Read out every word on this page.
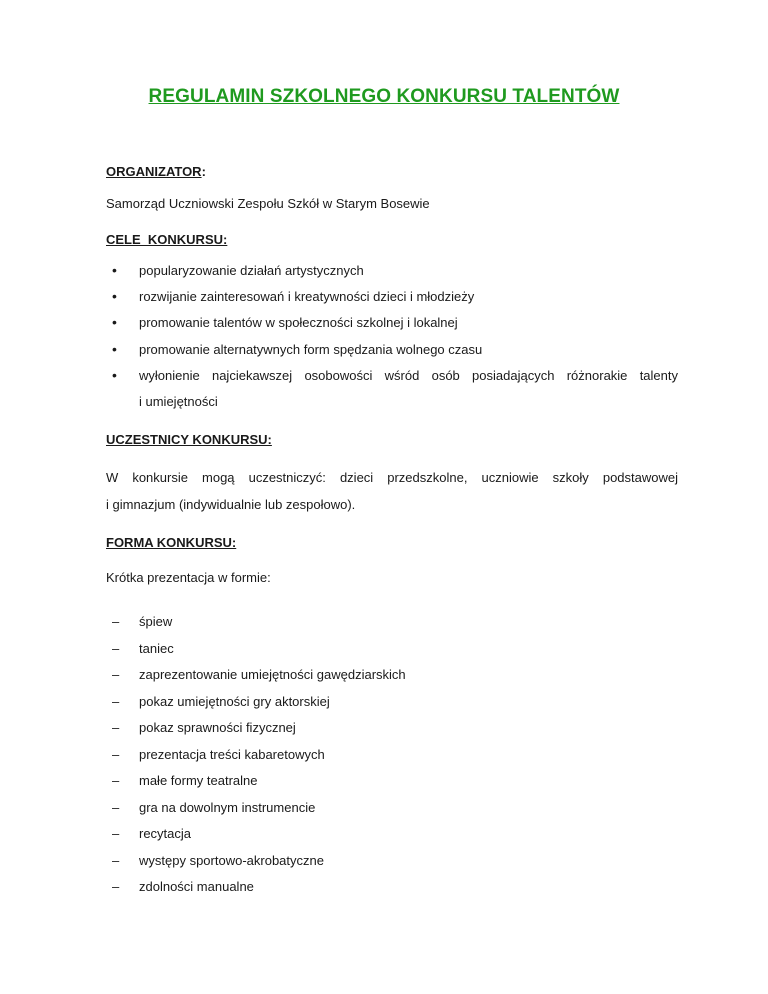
REGULAMIN SZKOLNEGO KONKURSU TALENTÓW
ORGANIZATOR:
Samorząd Uczniowski Zespołu Szkół w Starym Bosewie
CELE  KONKURSU:
•	popularyzowanie działań artystycznych
•	rozwijanie zainteresowań i kreatywności dzieci i młodzieży
•	promowanie talentów w społeczności szkolnej i lokalnej
•	promowanie alternatywnych form spędzania wolnego czasu
•	wyłonienie najciekawszej osobowości wśród osób posiadających różnorakie talenty
i umiejętności
UCZESTNICY KONKURSU:
W konkursie mogą uczestniczyć: dzieci przedszkolne, uczniowie szkoły podstawowej
i gimnazjum (indywidualnie lub zespołowo).
FORMA KONKURSU:
Krótka prezentacja w formie:
–	śpiew
–	taniec
–	zaprezentowanie umiejętności gawędziarskich
–	pokaz umiejętności gry aktorskiej
–	pokaz sprawności fizycznej
–	prezentacja treści kabaretowych
–	małe formy teatralne
–	gra na dowolnym instrumencie
–	recytacja
–	występy sportowo-akrobatyczne
–	zdolności manualne
